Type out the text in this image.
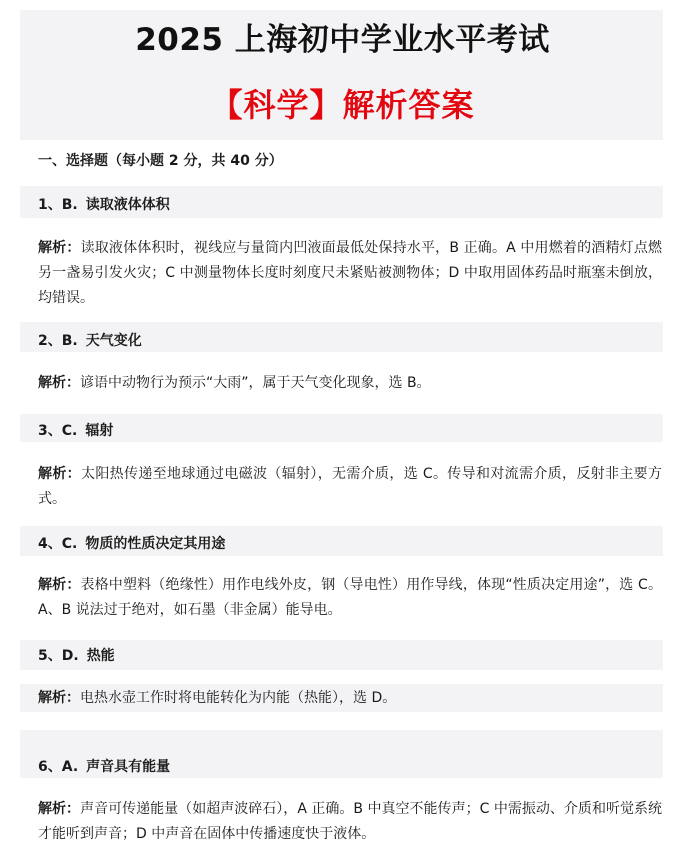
2025 上海初中学业水平考试
【科学】解析答案
一、选择题（每小题 2 分，共 40 分）
1、B. 读取液体体积
解析：读取液体体积时，视线应与量筒内凹液面最低处保持水平，B 正确。A 中用燃着的酒精灯点燃另一盏易引发火灾；C 中测量物体长度时刻度尺未紧贴被测物体；D 中取用固体药品时瓶塞未倒放，均错误。
2、B. 天气变化
解析：谚语中动物行为预示“大雨”，属于天气变化现象，选 B。
3、C. 辐射
解析：太阳热传递至地球通过电磁波（辐射），无需介质，选 C。传导和对流需介质，反射非主要方式。
4、C. 物质的性质决定其用途
解析：表格中塑料（绝缘性）用作电线外皮，钢（导电性）用作导线，体现“性质决定用途”，选 C。A、B 说法过于绝对，如石墨（非金属）能导电。
5、D. 热能
解析：电热水壶工作时将电能转化为内能（热能），选 D。
6、A. 声音具有能量
解析：声音可传递能量（如超声波碎石），A 正确。B 中真空不能传声；C 中需振动、介质和听觉系统才能听到声音；D 中声音在固体中传播速度快于液体。
